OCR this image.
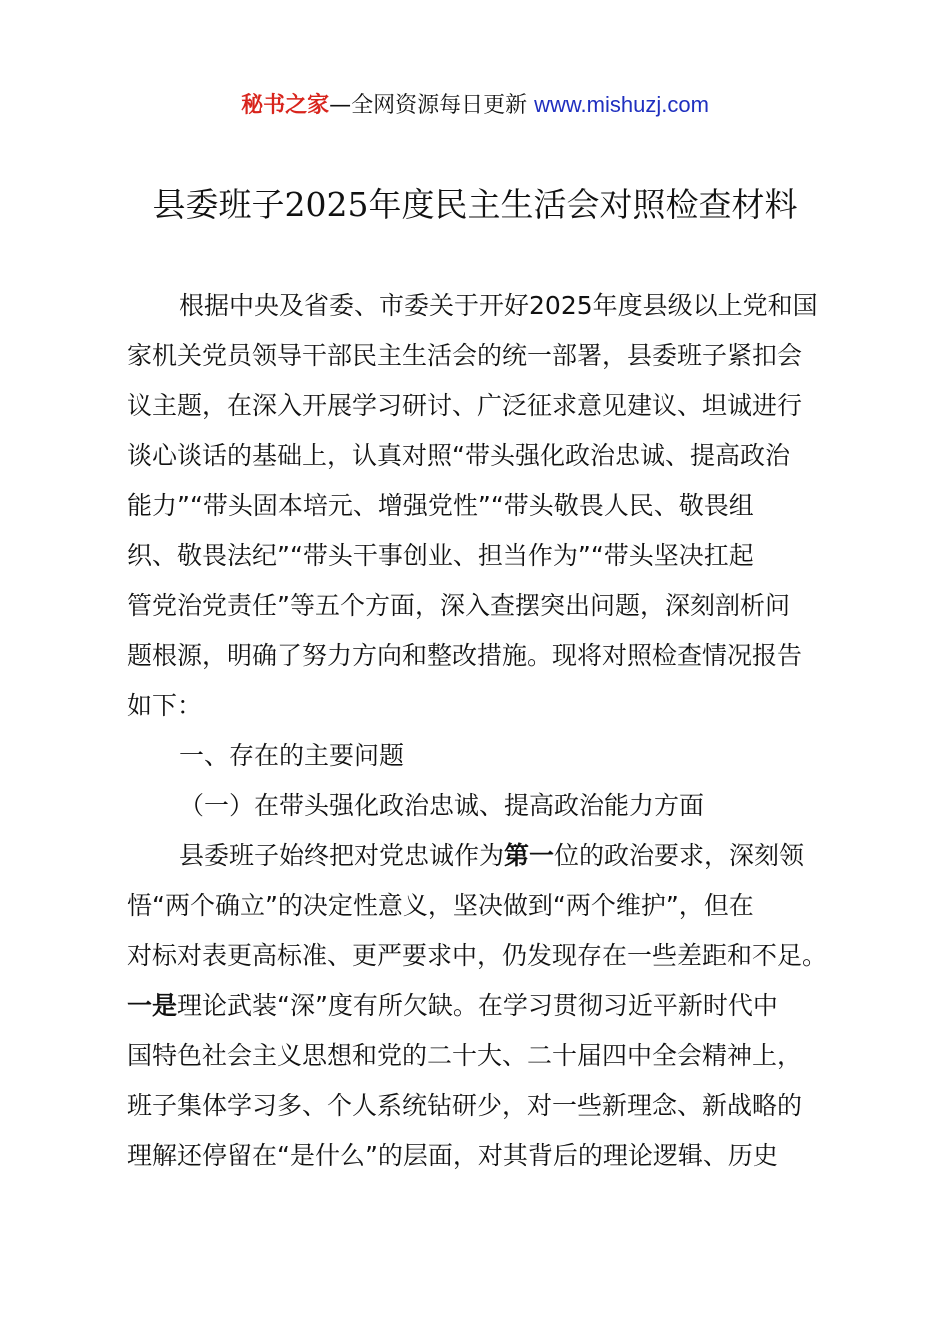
秘书之家—全网资源每日更新 www.mishuzj.com
县委班子2025年度民主生活会对照检查材料
根据中央及省委、市委关于开好2025年度县级以上党和国
家机关党员领导干部民主生活会的统一部署，县委班子紧扣会
议主题，在深入开展学习研讨、广泛征求意见建议、坦诚进行
谈心谈话的基础上，认真对照“带头强化政治忠诚、提高政治
能力”“带头固本培元、增强党性”“带头敬畏人民、敬畏组
织、敬畏法纪”“带头干事创业、担当作为”“带头坚决扛起
管党治党责任”等五个方面，深入查摆突出问题，深刻剖析问
题根源，明确了努力方向和整改措施。现将对照检查情况报告
如下：
一、存在的主要问题
（一）在带头强化政治忠诚、提高政治能力方面
县委班子始终把对党忠诚作为第一位的政治要求，深刻领
悟“两个确立”的决定性意义，坚决做到“两个维护”，但在
对标对表更高标准、更严要求中，仍发现存在一些差距和不足。
一是理论武装“深”度有所欠缺。在学习贯彻习近平新时代中
国特色社会主义思想和党的二十大、二十届四中全会精神上，
班子集体学习多、个人系统钻研少，对一些新理念、新战略的
理解还停留在“是什么”的层面，对其背后的理论逻辑、历史
